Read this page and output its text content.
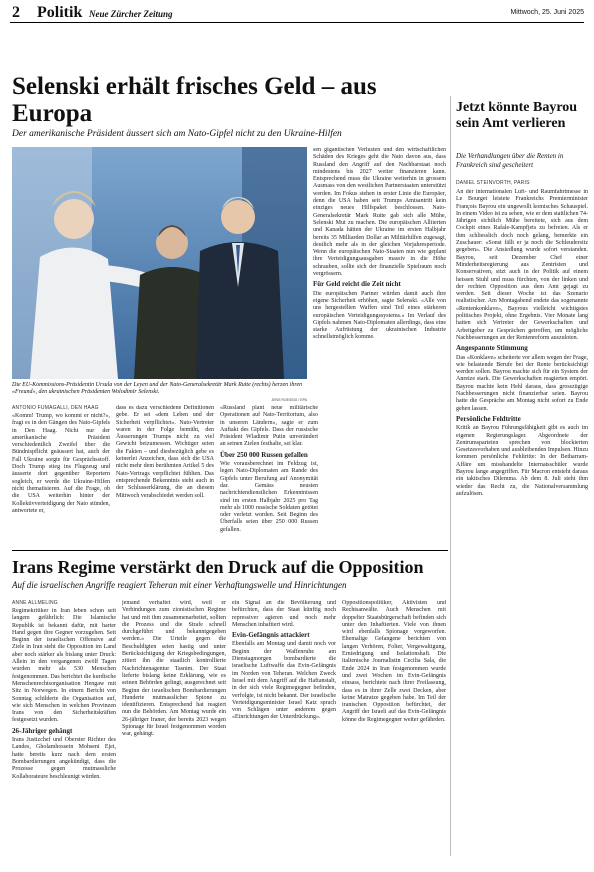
2 Politik Neue Zürcher Zeitung	Mittwoch, 25. Juni 2025
Selenski erhält frisches Geld – aus Europa
Der amerikanische Präsident äussert sich am Nato-Gipfel nicht zu den Ukraine-Hilfen
Die EU-Kommissions-Präsidentin Ursula von der Leyen und der Nato-Generalsekretär Mark Rutte (rechts) herzen ihren «Freund», den ukrainischen Präsidenten Wolodimir Selenski.
JENS ROESSIG / EPA
ANTONIO FUMAGALLI, DEN HAAG

«Komm! Trump, wo kommt er nicht?», fragt es in den Gängen des Nato-Gipfels in Den Haag. Nicht nur der amerikanische Präsident verschiedentlich Zweifel über die Bündnispflicht geäussert hat, auch der Fall Ukraine sorgte für Gesprächsstoff. Doch Trump stieg ins Flugzeug und äusserte dort gegenüber Reportern sogleich, er werde die Ukraine-Hilfen nicht thematisieren. Auf die Frage, ob die USA weiterhin hinter der Kollektivverteidigung der Nato stünden, antwortete er,

dass es dazu verschiedene Definitionen gebe. Er sei «dem Leben und der Sicherheit verpflichtet». Nato-Vertreter waren in der Folge bemüht, den Äusserungen Trumps nicht zu viel Gewicht beizumessen. Wichtiger seien die Fakten – und diesbezüglich gebe es keinerlei Anzeichen, dass sich die USA nicht mehr dem berühmten Artikel 5 des Nato-Vertrags verpflichtet fühlten. Das entsprechende Bekenntnis steht auch in der Schlusserklärung, die an diesem Mittwoch verabschiedet werden soll.

«Russland plant neue militärische Operationen auf Nato-Territorium, also in unseren Ländern», sagte er zum Auftakt des Gipfels. Dass der russische Präsident Wladimir Putin unverändert an seinen Zielen festhalte, sei klar.

Über 250 000 Russen gefallen

Wie vorausberechnet im Feldzug ist, legen Nato-Diplomaten am Rande des Gipfels unter Berufung auf Anonymität dar. Gemäss neusten nachrichtendienstlichen Erkenntnissen sind im ersten Halbjahr 2025 pro Tag mehr als 1000 russische Soldaten getötet oder verletzt worden. Seit Beginn des Überfalls seien über 250 000 Russen gefallen.

sen gigantischen Verlusten und den wirtschaftlichen Schäden des Krieges geht die Nato davon aus, dass Russland den Angriff auf den Nachbarstaat noch mindestens bis 2027 weiter finanzieren kann. Entsprechend muss die Ukraine weiterhin in grossem Ausmass von den westlichen Partnerstaaten unterstützt werden. Im Fokus stehen in erster Linie die Europäer, denn die USA haben seit Trumps Amtsantritt kein einziges neues Hilfspaket beschlossen. Nato-Generalsekretär Mark Rutte gab sich alle Mühe, Selenski Mut zu machen. Die europäischen Alliierten und Kanada hätten der Ukraine im ersten Halbjahr bereits 35 Milliarden Dollar an Militärhilfen zugesagt, deutlich mehr als in der gleichen Vorjahresperiode. Wenn die europäischen Nato-Staaten nun wie geplant ihre Verteidigungsausgaben massiv in die Höhe schrauben, sollte sich der finanzielle Spielraum noch vergrössern.

Für Geld reicht die Zeit nicht

Die europäischen Partner würden damit auch ihre eigene Sicherheit erhöhen, sagte Selenski. «Alle von uns hergestellten Waffen sind Teil eines stärkeren europäischen Verteidigungssystems.» Im Verlauf des Gipfels nahmen Nato-Diplomaten allerdings, dass eine starke Aufrüstung der ukrainischen Industrie schnellstmöglich komme.

Jetzt könnte Bayrou sein Amt verlieren
Die Verhandlungen über die Renten in Frankreich sind gescheitert
DANIEL STEINVORTH, PARIS

An der internationalen Luft- und Raumfahrtmesse in Le Bourget leistete Frankreichs Premierminister François Bayrou ein ungewollt komisches Schauspiel. In einem Video ist zu sehen, wie er dem stattlichen 74-Jährigen sichtlich Mühe bereitete, sich aus dem Cockpit eines Rafale-Kampfjets zu befreien. Als er ihm schliesslich doch noch gelang, bemerkte ein Zuschauer: «Sonst fällt er ja noch die Schleudersitz gegeben». Die Ansiedlung wurde sofort verstanden. Bayrou, seit Dezember Chef einer Minderheitsregierung aus Zentristen und Konservativen, sitzt auch in der Politik auf einem heissen Stuhl und muss fürchten, von der linken und der rechten Opposition aus dem Amt gejagt zu werden. Seit dieser Woche ist das Szenario realistischer. Am Montagabend endete das sogenannte «Rentenkonklave», Bayrous vielleicht wichtigstes politisches Projekt, ohne Ergebnis. Vier Monate lang hatten sich Vertreter der Gewerkschaften und Arbeitgeber zu Gesprächen getroffen, um mögliche Nachbesserungen an der Rentenreform auszuloten.

Angespannte Stimmung

Das «Konklave» scheiterte vor allem wegen der Frage, wie belastende Berufe bei der Rente berücksichtigt werden sollen. Bayrou machte sich für ein System der Anreize stark. Die Gewerkschaften reagierten empört. Bayrou machte kein Hehl daraus, dass grosszügige Nachbesserungen nicht finanzierbar seien. Bayrou hatte die Gespräche am Montag nicht sofort zu Ende gehen lassen.

Persönliche Feldtritte

Kritik an Bayrou Führungsfähigkeit gibt es auch im eigenen Regierungslager. Abgeordnete der Zentrumsparteien sprechen von blockierten Gesetzesvorhaben und ausbleibenden Impulsen. Hinzu kommen persönliche Fehltritte: In der Betharram-Affäre um misshandelte Internatsschüler wurde Bayrou lange angegriffen. Für Macron entsteht daraus ein taktisches Dilemma. Ab dem 8. Juli steht ihm wieder das Recht zu, die Nationalversammlung aufzulösen.

Irans Regime verstärkt den Druck auf die Opposition
Auf die israelischen Angriffe reagiert Teheran mit einer Verhaftungswelle und Hinrichtungen
ANNE ALLMELING

Regimekritiker in Iran leben schon seit langem gefährlich: Die Islamische Republik ist bekannt dafür, mit harter Hand gegen ihre Gegner vorzugehen. Seit Beginn der israelischen Offensive auf Ziele in Iran steht die Opposition im Land aber noch stärker als bislang unter Druck: Allein in den vergangenen zwölf Tagen wurden mehr als 530 Menschen festgenommen. Das berichtet die kurdische Menschenrechtsorganisation Hengaw mit Sitz in Norwegen. In einem Bericht von Sonntag schilderte die Organisation auf, wie sich Menschen in welchen Provinzen Irans von den Sicherheitskräften festgesetzt wurden.

26-Jähriger gehängt

Irans Justizchef und Oberster Richter des Landes, Gholamhossein Mohseni Ejei, hatte bereits kurz nach dem ersten Bombardierungen angekündigt, dass die Prozesse gegen mutmassliche Kollaborateure beschleunigt würden.

jemand verhaftet wird, weil er Verbindungen zum zionistischen Regime hat und mit ihm zusammenarbeitet, sollten die Prozess und die Strafe schnell durchgeführt und bekanntgegeben werden.» Die Urteile gegen die Beschuldigten seien hastig und unter Berücksichtigung der Kriegsbedingungen, zitiert ihn die staatlich kontrollierte Nachrichtenagentur Tasnim. Der Staat lieferte bislang keine Erklärung, wie es seinen Behörden gelingt, ausgerechnet seit Beginn der israelischen Bombardierungen Hunderte mutmasslicher Spione zu identifizieren. Entsprechend hat reagiert nun die Behörden. Am Montag wurde ein 26-jähriger Iraner, der bereits 2023 wegen Spionage für Israel festgenommen worden war, gehängt.

ein Signal an die Bevölkerung und befürchten, dass der Staat künftig noch repressiver agieren und noch mehr Menschen inhaftiert wird.

Evin-Gefängnis attackiert

Ebenfalls am Montag und damit noch vor Beginn der Waffenruhe am Dienstagmorgen bombardierte die israelische Luftwaffe das Evin-Gefängnis im Norden von Teheran. Welchen Zweck Israel mit dem Angriff auf die Haftanstalt, in der sich viele Regimegegner befinden, verfolgte, ist nicht bekannt. Der israelische Verteidigungsminister Israel Katz sprach von Schlägen unter anderem gegen «Einrichtungen der Unterdrückung».

Oppositionspolitiker, Aktivisten und Rechtsanwälte. Auch Menschen mit doppelter Staatsbürgerschaft befinden sich unter den Inhaftierten. Viele von ihnen wird ebenfalls Spionage vorgeworfen. Ehemalige Gefangene berichten von langen Verhören, Folter, Vergewaltigung, Erniedrigung und Isolationshaft. Die italienische Journalistin Cecilia Sala, die Ende 2024 in Iran festgenommen wurde und zwei Wochen im Evin-Gefängnis einsass, berichtete nach ihrer Freilassung, dass es in ihrer Zelle zwei Decken, aber keine Matratze gegeben habe. Im Teil der iranischen Opposition befürchtet, der Angriff der Israeli auf das Evin-Gefängnis könne die Regimegegner weiter gefährden.
